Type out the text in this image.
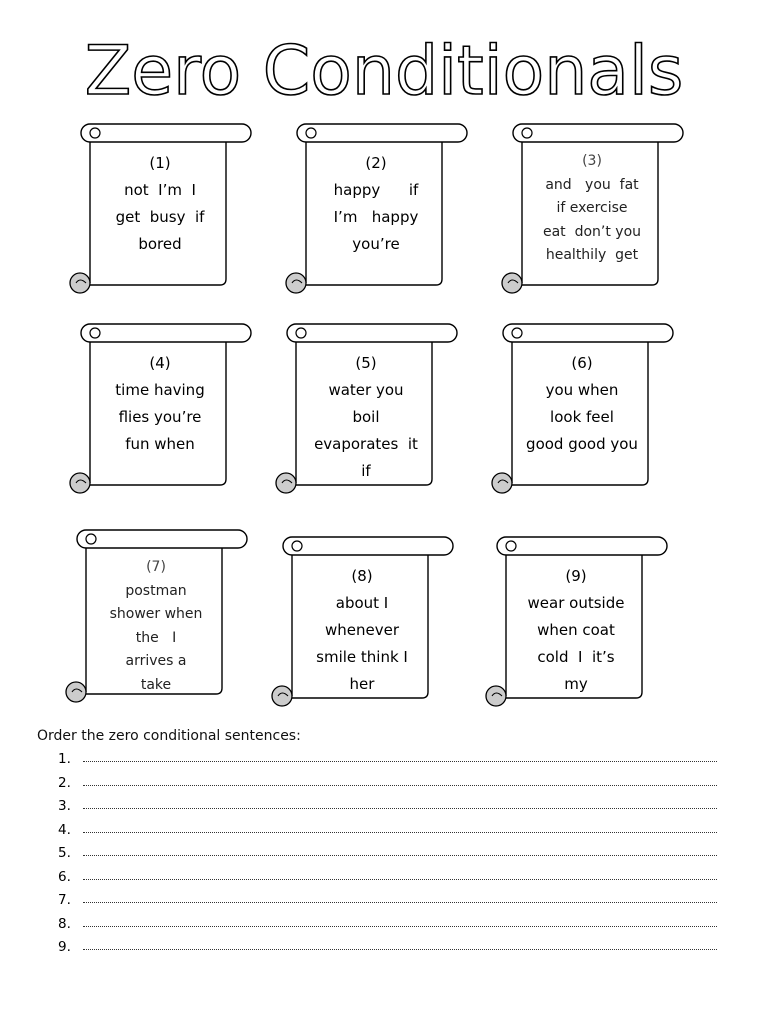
Zero Conditionals
(1)
not  I’m  I
get  busy  if
bored
(2)
happy      if
I’m   happy
you’re
(3)
and   you  fat
if exercise
eat  don’t you
healthily  get
(4)
time having
flies you’re
fun when
(5)
water you
boil
evaporates  it
if
(6)
you when
look feel
good good you
(7)
postman
shower when
the   I
arrives a
take
(8)
about I
whenever
smile think I
her
(9)
wear outside
when coat
cold  I  it’s
my

Order the zero conditional sentences:

1.
2.
3.
4.
5.
6.
7.
8.
9.
